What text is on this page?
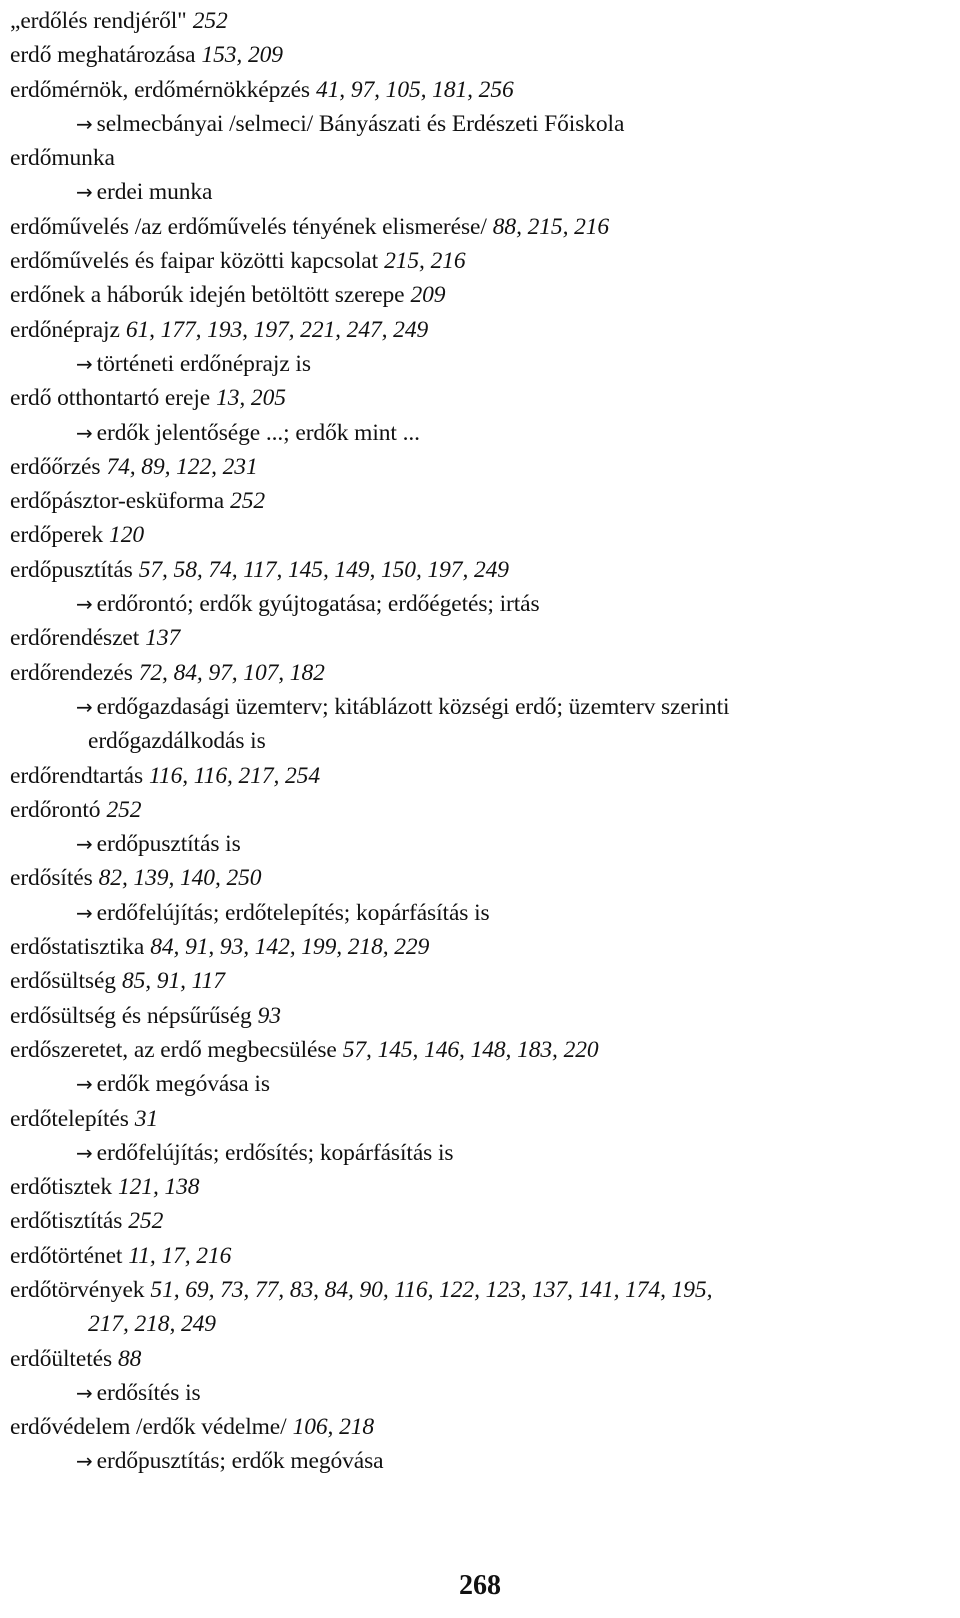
„erdőlés rendjéről" 252
erdő meghatározása 153, 209
erdőmérnök, erdőmérnökképzés 41, 97, 105, 181, 256
→ selmecbányai /selmeci/ Bányászati és Erdészeti Főiskola
erdőmunka
→ erdei munka
erdőművelés /az erdőművelés tényének elismerése/ 88, 215, 216
erdőművelés és faipar közötti kapcsolat 215, 216
erdőnek a háborúk idején betöltött szerepe 209
erdőnéprajz 61, 177, 193, 197, 221, 247, 249
→ történeti erdőnéprajz is
erdő otthontartó ereje 13, 205
→ erdők jelentősége ...; erdők mint ...
erdőőrzés 74, 89, 122, 231
erdőpásztor-esküforma 252
erdőperek 120
erdőpusztítás 57, 58, 74, 117, 145, 149, 150, 197, 249
→ erdőrontó; erdők gyújtogatása; erdőégetés; irtás
erdőrendészet 137
erdőrendezés 72, 84, 97, 107, 182
→ erdőgazdasági üzemterv; kitáblázott községi erdő; üzemterv szerinti
erdőgazdálkodás is
erdőrendtartás 116, 116, 217, 254
erdőrontó 252
→ erdőpusztítás is
erdősítés 82, 139, 140, 250
→ erdőfelújítás; erdőtelepítés; kopárfásítás is
erdőstatisztika 84, 91, 93, 142, 199, 218, 229
erdősültség 85, 91, 117
erdősültség és népsűrűség 93
erdőszeretet, az erdő megbecsülése 57, 145, 146, 148, 183, 220
→ erdők megóvása is
erdőtelepítés 31
→ erdőfelújítás; erdősítés; kopárfásítás is
erdőtisztek 121, 138
erdőtisztítás 252
erdőtörténet 11, 17, 216
erdőtörvények 51, 69, 73, 77, 83, 84, 90, 116, 122, 123, 137, 141, 174, 195,
217, 218, 249
erdőültetés 88
→ erdősítés is
erdővédelem /erdők védelme/ 106, 218
→ erdőpusztítás; erdők megóvása
268
